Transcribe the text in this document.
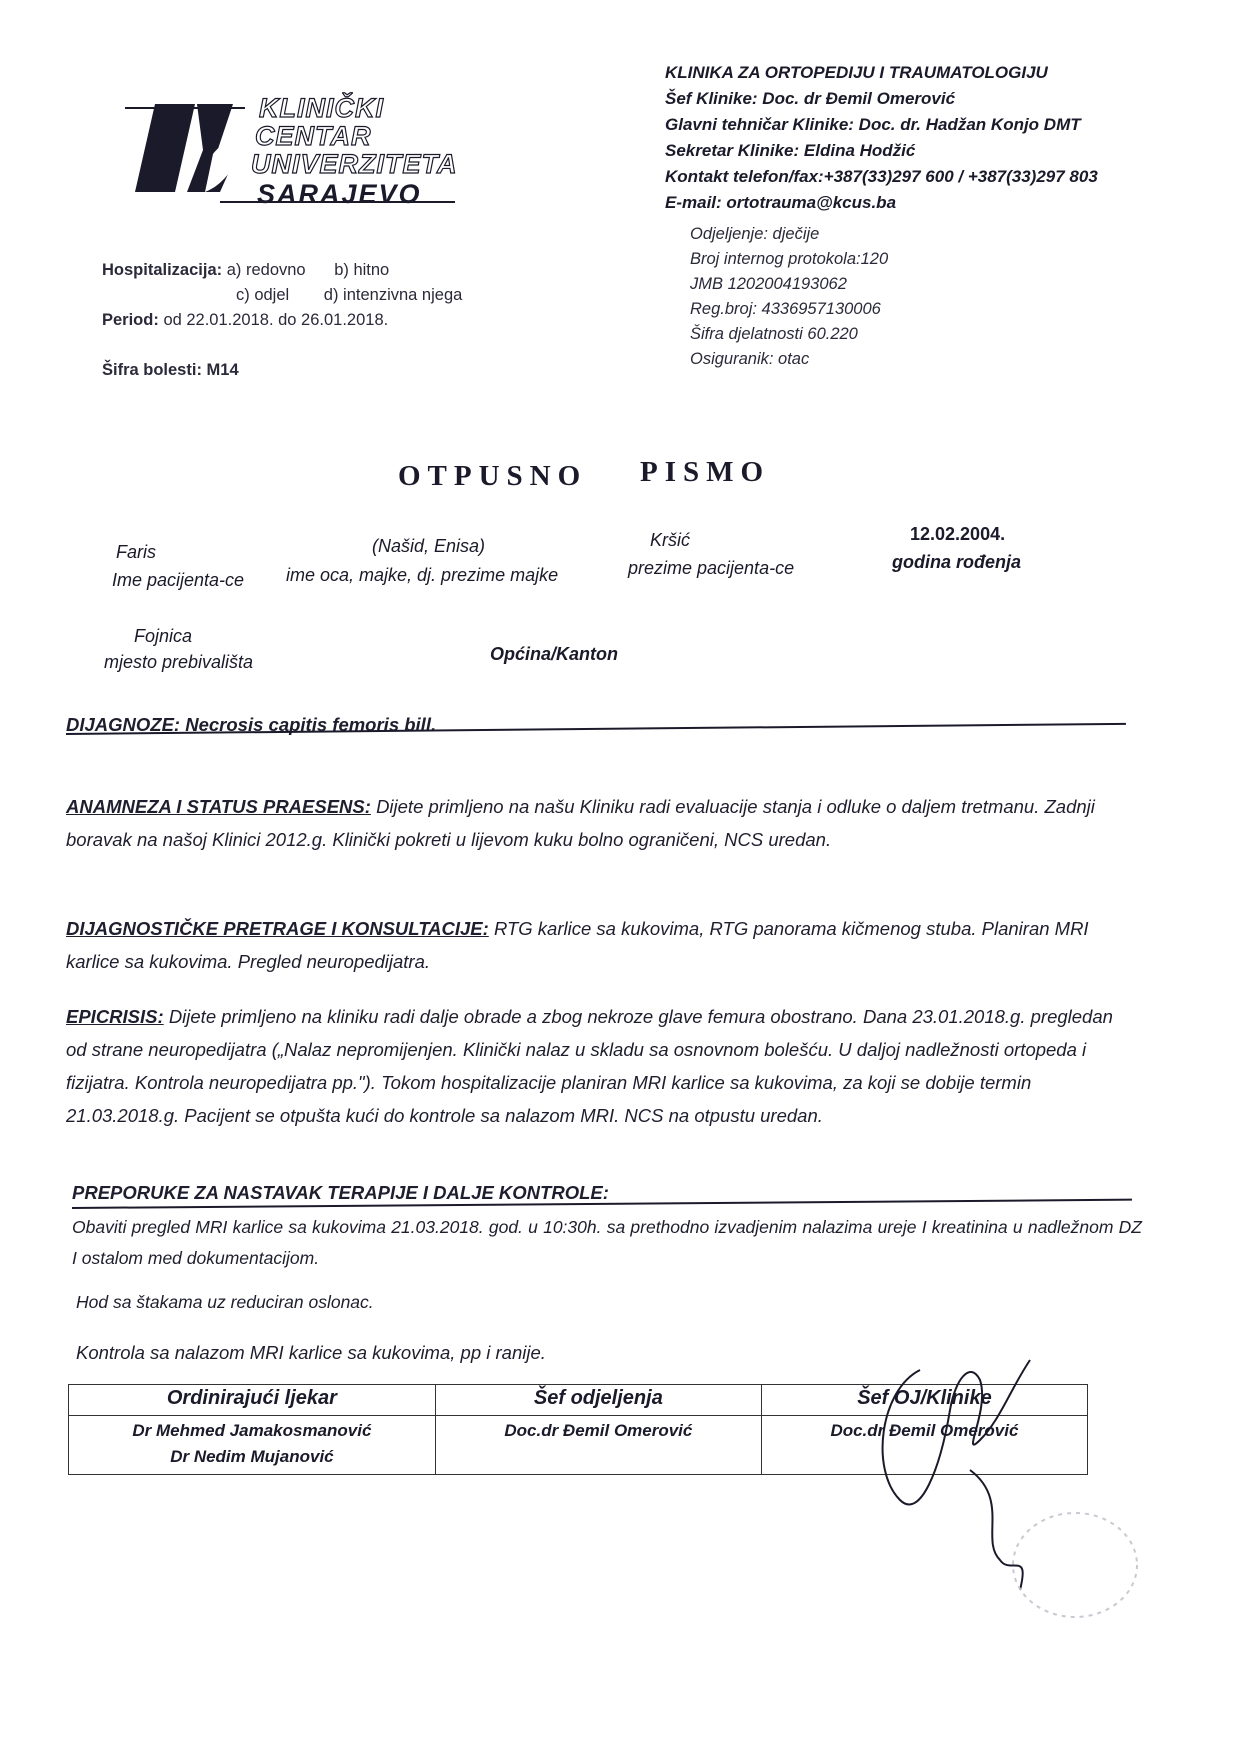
KLINIČKI
CENTAR
UNIVERZITETA
SARAJEVO
KLINIKA ZA ORTOPEDIJU I TRAUMATOLOGIJU
Šef Klinike: Doc. dr Đemil Omerović
Glavni tehničar Klinike: Doc. dr. Hadžan Konjo DMT
Sekretar Klinike: Eldina Hodžić
Kontakt telefon/fax:+387(33)297 600 / +387(33)297 803
E-mail: ortotrauma@kcus.ba
Odjeljenje: dječije
Broj internog protokola:120
JMB 1202004193062
Reg.broj: 4336957130006
Šifra djelatnosti 60.220
Osiguranik: otac
Hospitalizacija: a) redovno b) hitno
c) odjel d) intenzivna njega
Period: od 22.01.2018. do 26.01.2018.
Šifra bolesti: M14
OTPUSNO PISMO
Faris
Ime pacijenta-ce
(Našid, Enisa)
ime oca, majke, dj. prezime majke
Kršić
prezime pacijenta-ce
12.02.2004.
godina rođenja
Fojnica
mjesto prebivališta	Općina/Kanton
DIJAGNOZE: Necrosis capitis femoris bill.
ANAMNEZA I STATUS PRAESENS: Dijete primljeno na našu Kliniku radi evaluacije stanja i odluke o daljem tretmanu. Zadnji boravak na našoj Klinici 2012.g. Klinički pokreti u lijevom kuku bolno ograničeni, NCS uredan.
DIJAGNOSTIČKE PRETRAGE I KONSULTACIJE: RTG karlice sa kukovima, RTG panorama kičmenog stuba. Planiran MRI karlice sa kukovima. Pregled neuropedijatra.
EPICRISIS: Dijete primljeno na kliniku radi dalje obrade a zbog nekroze glave femura obostrano. Dana 23.01.2018.g. pregledan od strane neuropedijatra („Nalaz nepromijenjen. Klinički nalaz u skladu sa osnovnom bolešću. U daljoj nadležnosti ortopeda i fizijatra. Kontrola neuropedijatra pp."). Tokom hospitalizacije planiran MRI karlice sa kukovima, za koji se dobije termin 21.03.2018.g. Pacijent se otpušta kući do kontrole sa nalazom MRI. NCS na otpustu uredan.
PREPORUKE ZA NASTAVAK TERAPIJE I DALJE KONTROLE:
Obaviti pregled MRI karlice sa kukovima 21.03.2018. god. u 10:30h. sa prethodno izvadjenim nalazima ureje I kreatinina u nadležnom DZ I ostalom med dokumentacijom.
Hod sa štakama uz reduciran oslonac.
Kontrola sa nalazom MRI karlice sa kukovima, pp i ranije.
Ordinirajući ljekar	Šef odjeljenja	Šef OJ/Klinike

Dr Mehmed Jamakosmanović
Dr Nedim Mujanović	Doc.dr Đemil Omerović	Doc.dr Đemil Omerović
